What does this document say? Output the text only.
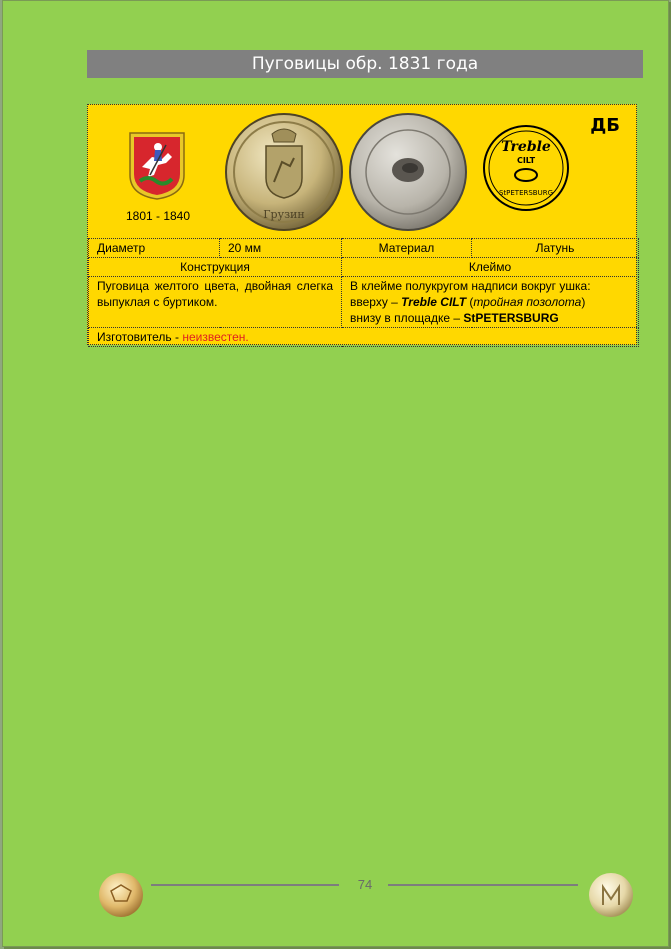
Пуговицы обр. 1831 года
1801 - 1840	Грузин
Treble
CILT
StPETERSBURG
ДБ
Диаметр	20 мм	Материал	Латунь
Конструкция		Клеймо	
Пуговица желтого цвета, двойная слегка выпуклая с буртиком.		В клейме полукругом надписи вокруг ушка: вверху – Treble CILT (тройная позолота)
внизу в площадке – StPETERSBURG	
Изготовитель - неизвестен.			
74
